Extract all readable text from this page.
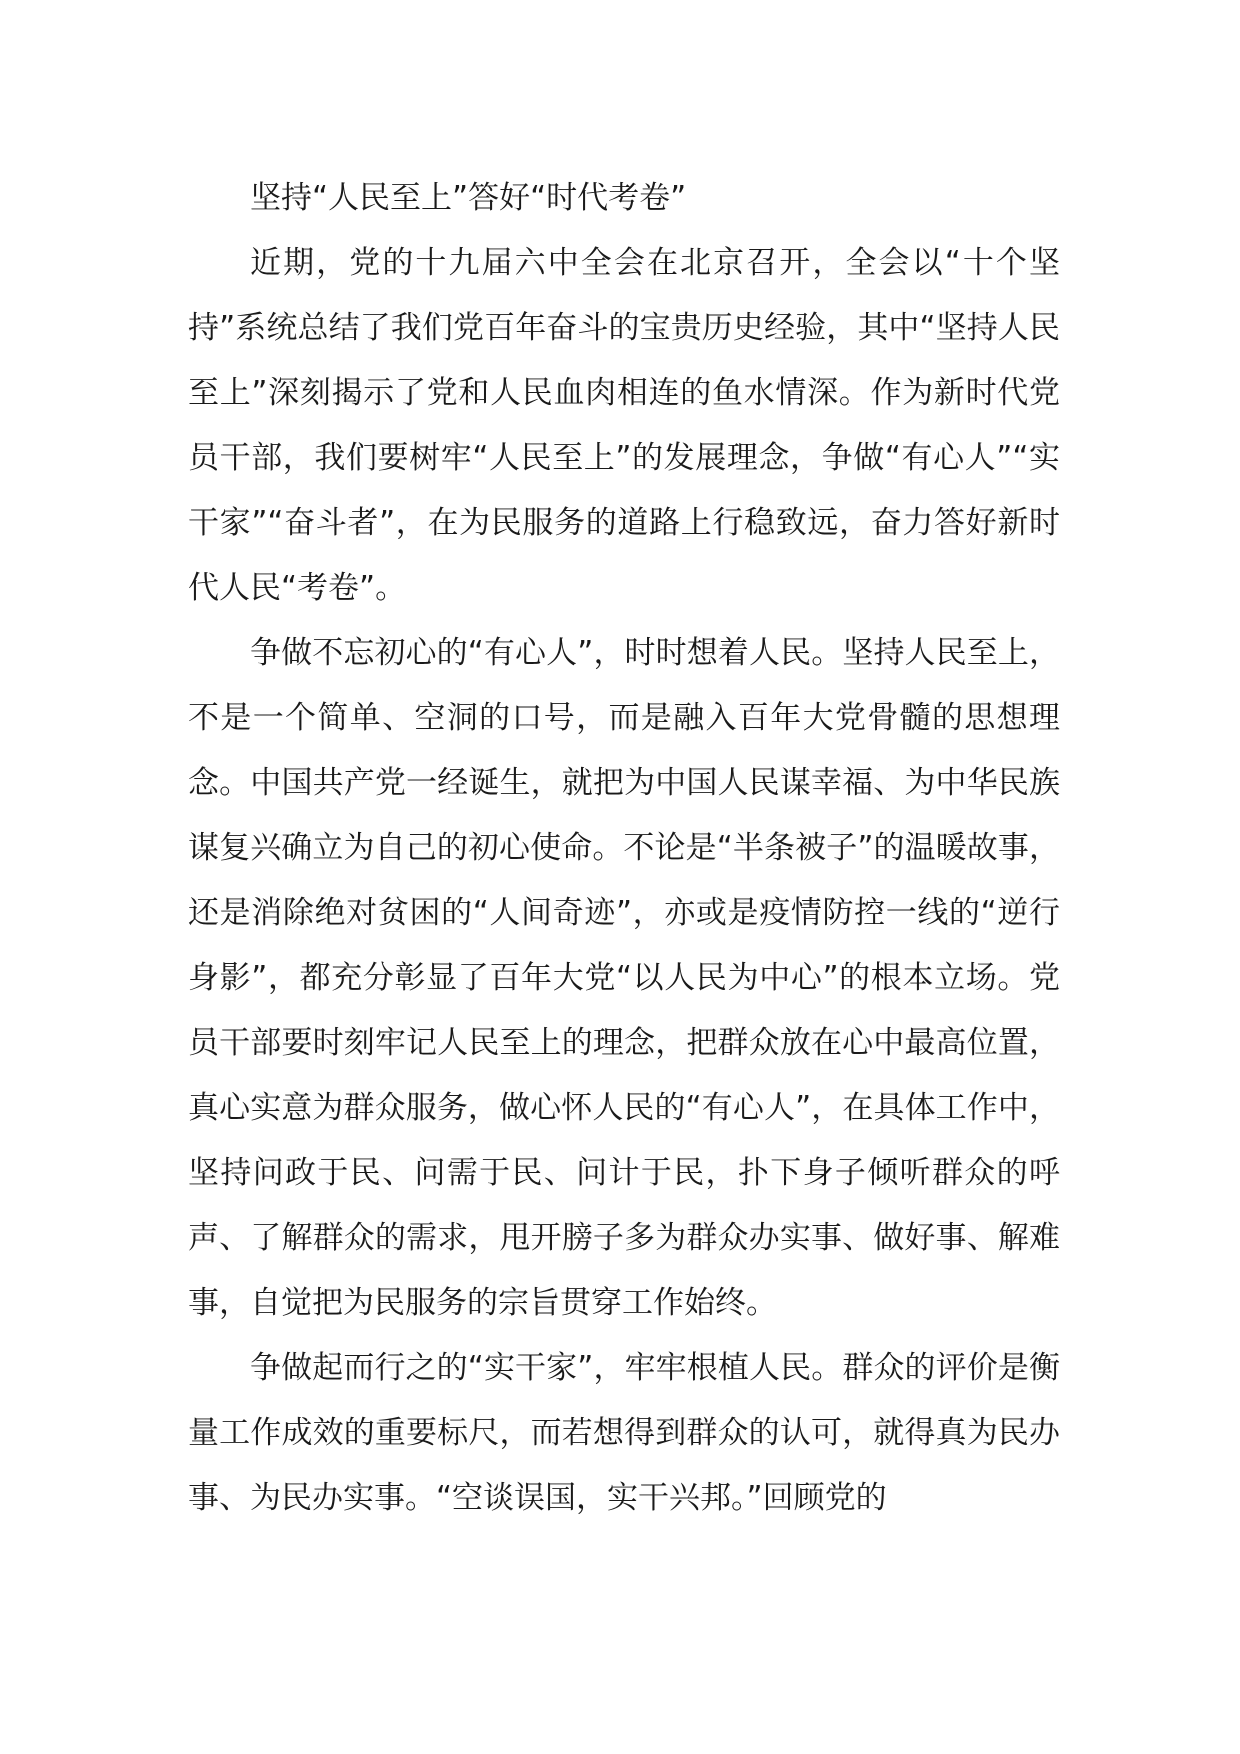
坚持“人民至上”答好“时代考卷”

近期，党的十九届六中全会在北京召开，全会以“十个坚持”系统总结了我们党百年奋斗的宝贵历史经验，其中“坚持人民至上”深刻揭示了党和人民血肉相连的鱼水情深。作为新时代党员干部，我们要树牢“人民至上”的发展理念，争做“有心人”“实干家”“奋斗者”，在为民服务的道路上行稳致远，奋力答好新时代人民“考卷”。

争做不忘初心的“有心人”，时时想着人民。坚持人民至上，不是一个简单、空洞的口号，而是融入百年大党骨髓的思想理念。中国共产党一经诞生，就把为中国人民谋幸福、为中华民族谋复兴确立为自己的初心使命。不论是“半条被子”的温暖故事，还是消除绝对贫困的“人间奇迹”，亦或是疫情防控一线的“逆行身影”，都充分彰显了百年大党“以人民为中心”的根本立场。党员干部要时刻牢记人民至上的理念，把群众放在心中最高位置，真心实意为群众服务，做心怀人民的“有心人”，在具体工作中，坚持问政于民、问需于民、问计于民，扑下身子倾听群众的呼声、了解群众的需求，甩开膀子多为群众办实事、做好事、解难事，自觉把为民服务的宗旨贯穿工作始终。

争做起而行之的“实干家”，牢牢根植人民。群众的评价是衡量工作成效的重要标尺，而若想得到群众的认可，就得真为民办事、为民办实事。“空谈误国，实干兴邦。”回顾党的
